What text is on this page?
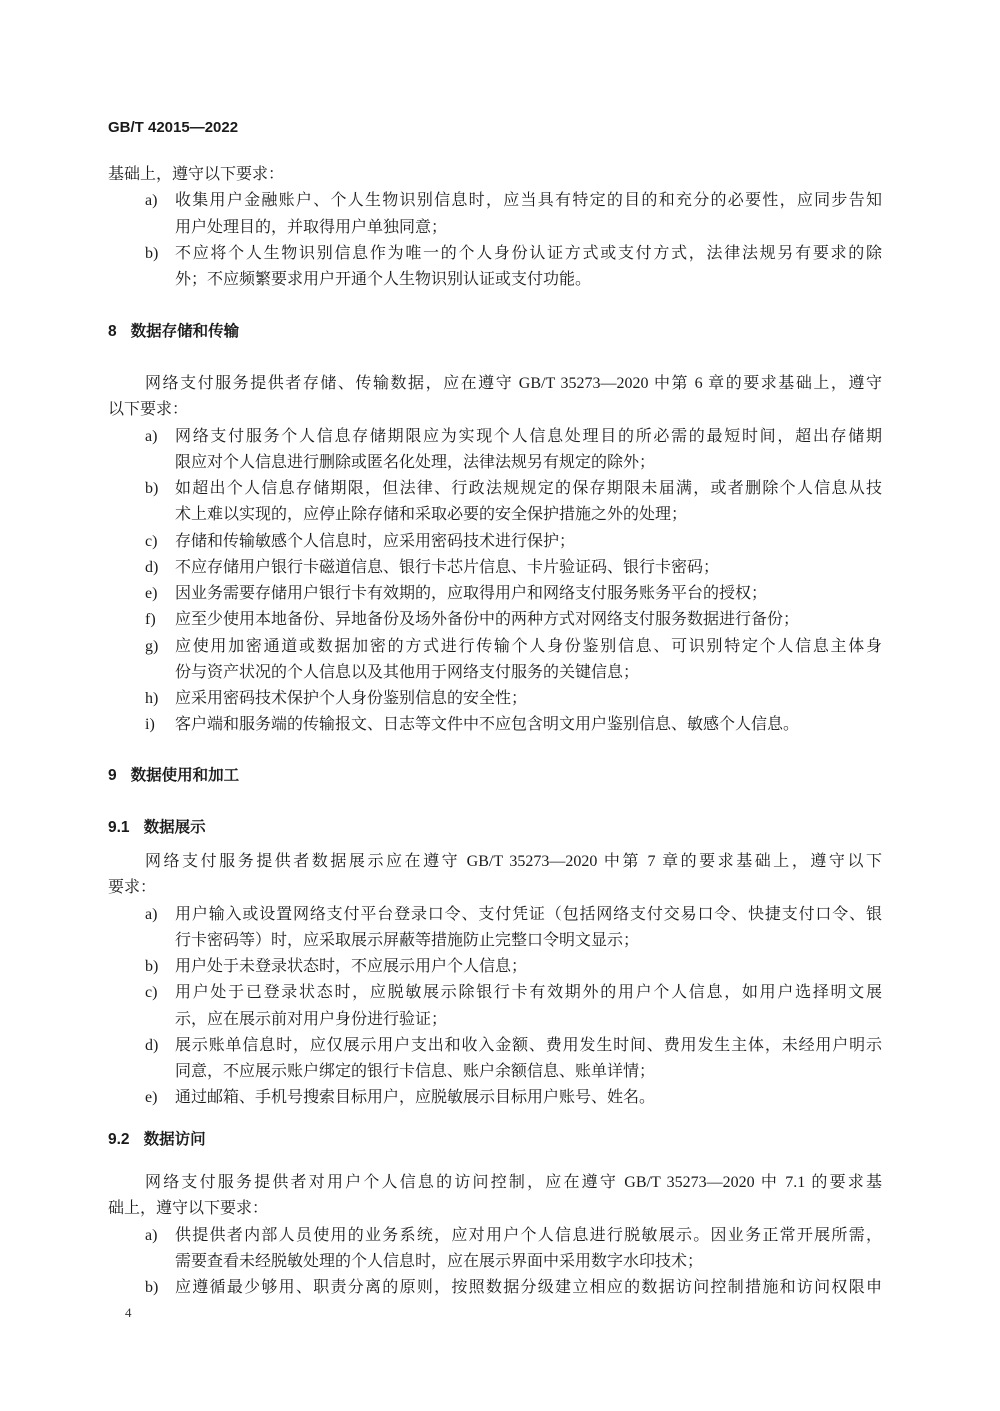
GB/T 42015—2022
基础上，遵守以下要求：
a) 收集用户金融账户、个人生物识别信息时，应当具有特定的目的和充分的必要性，应同步告知
用户处理目的，并取得用户单独同意；
b) 不应将个人生物识别信息作为唯一的个人身份认证方式或支付方式，法律法规另有要求的除
外；不应频繁要求用户开通个人生物识别认证或支付功能。
8 数据存储和传输
网络支付服务提供者存储、传输数据，应在遵守 GB/T 35273—2020 中第 6 章的要求基础上，遵守
以下要求：
a) 网络支付服务个人信息存储期限应为实现个人信息处理目的所必需的最短时间，超出存储期
限应对个人信息进行删除或匿名化处理，法律法规另有规定的除外；
b) 如超出个人信息存储期限，但法律、行政法规规定的保存期限未届满，或者删除个人信息从技
术上难以实现的，应停止除存储和采取必要的安全保护措施之外的处理；
c) 存储和传输敏感个人信息时，应采用密码技术进行保护；
d) 不应存储用户银行卡磁道信息、银行卡芯片信息、卡片验证码、银行卡密码；
e) 因业务需要存储用户银行卡有效期的，应取得用户和网络支付服务账务平台的授权；
f) 应至少使用本地备份、异地备份及场外备份中的两种方式对网络支付服务数据进行备份；
g) 应使用加密通道或数据加密的方式进行传输个人身份鉴别信息、可识别特定个人信息主体身
份与资产状况的个人信息以及其他用于网络支付服务的关键信息；
h) 应采用密码技术保护个人身份鉴别信息的安全性；
i) 客户端和服务端的传输报文、日志等文件中不应包含明文用户鉴别信息、敏感个人信息。
9 数据使用和加工
9.1 数据展示
网络支付服务提供者数据展示应在遵守 GB/T 35273—2020 中第 7 章的要求基础上，遵守以下
要求：
a) 用户输入或设置网络支付平台登录口令、支付凭证（包括网络支付交易口令、快捷支付口令、银
行卡密码等）时，应采取展示屏蔽等措施防止完整口令明文显示；
b) 用户处于未登录状态时，不应展示用户个人信息；
c) 用户处于已登录状态时，应脱敏展示除银行卡有效期外的用户个人信息，如用户选择明文展
示，应在展示前对用户身份进行验证；
d) 展示账单信息时，应仅展示用户支出和收入金额、费用发生时间、费用发生主体，未经用户明示
同意，不应展示账户绑定的银行卡信息、账户余额信息、账单详情；
e) 通过邮箱、手机号搜索目标用户，应脱敏展示目标用户账号、姓名。
9.2 数据访问
网络支付服务提供者对用户个人信息的访问控制，应在遵守 GB/T 35273—2020 中 7.1 的要求基
础上，遵守以下要求：
a) 供提供者内部人员使用的业务系统，应对用户个人信息进行脱敏展示。因业务正常开展所需，
需要查看未经脱敏处理的个人信息时，应在展示界面中采用数字水印技术；
b) 应遵循最少够用、职责分离的原则，按照数据分级建立相应的数据访问控制措施和访问权限申
4
